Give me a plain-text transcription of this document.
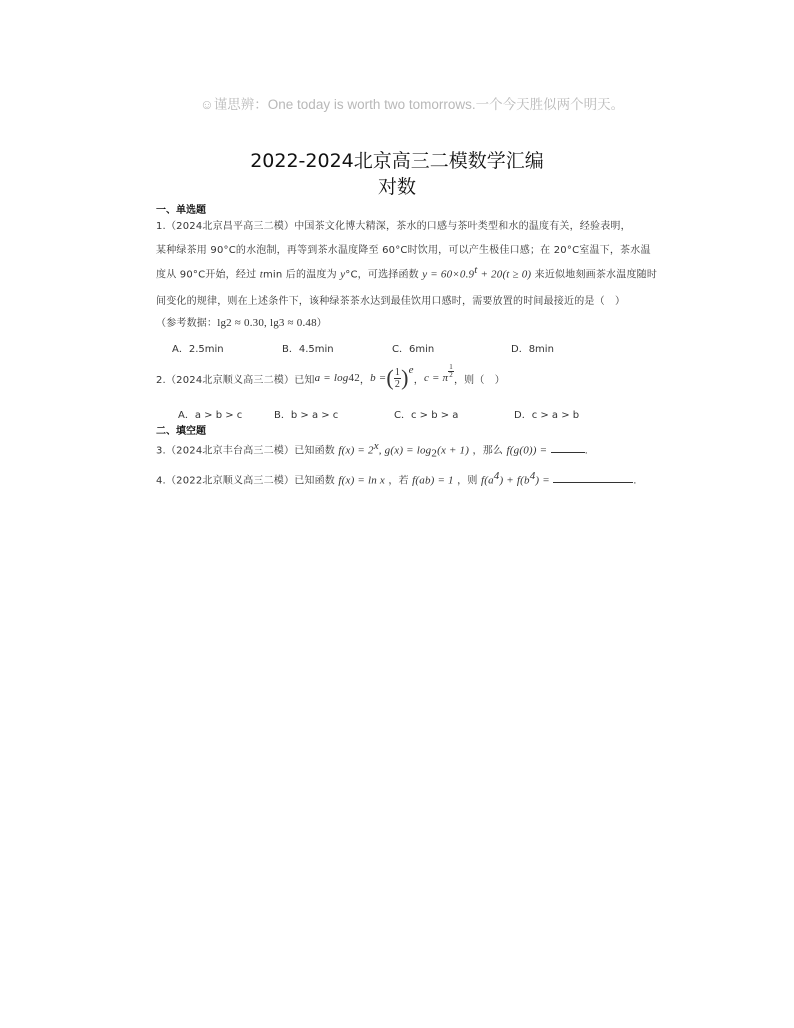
☺谨思辨：One today is worth two tomorrows.一个今天胜似两个明天。
2022-2024北京高三二模数学汇编
对数
一、单选题
1.（2024北京昌平高三二模）中国茶文化博大精深，茶水的口感与茶叶类型和水的温度有关，经验表明，
某种绿茶用 90°C的水泡制，再等到茶水温度降至 60°C时饮用，可以产生极佳口感；在 20°C室温下，茶水温
度从 90°C开始，经过 tmin 后的温度为 y°C，可选择函数 $y = 60\times 0.9^t + 20(t \ge 0)$ 来近似地刻画茶水温度随时
间变化的规律，则在上述条件下，该种绿茶茶水达到最佳饮用口感时，需要放置的时间最接近的是（　）
（参考数据：lg2 ≈ 0.30, lg3 ≈ 0.48）
A．2.5min	B．4.5min	C．6min	D．8min
2.（2024北京顺义高三二模）已知 a = log 4 2 ， b = ( $\frac{1}{2}$ ) e
， c = π $\frac{1}{2}$
，则（　）
A．a > b > c	B．b > a > c	C．c > b > a	D．c > a > b
二、填空题
3.（2024北京丰台高三二模）已知函数 $f(x) = 2^x$, $g(x) = \log_2(x + 1)$ ，那么 f(g(0)) =	.
4.（2022北京顺义高三二模）已知函数 f(x) = ln x ，若 f(ab) = 1 ，则 $f(a^4) + f(b^4)$ =	.
